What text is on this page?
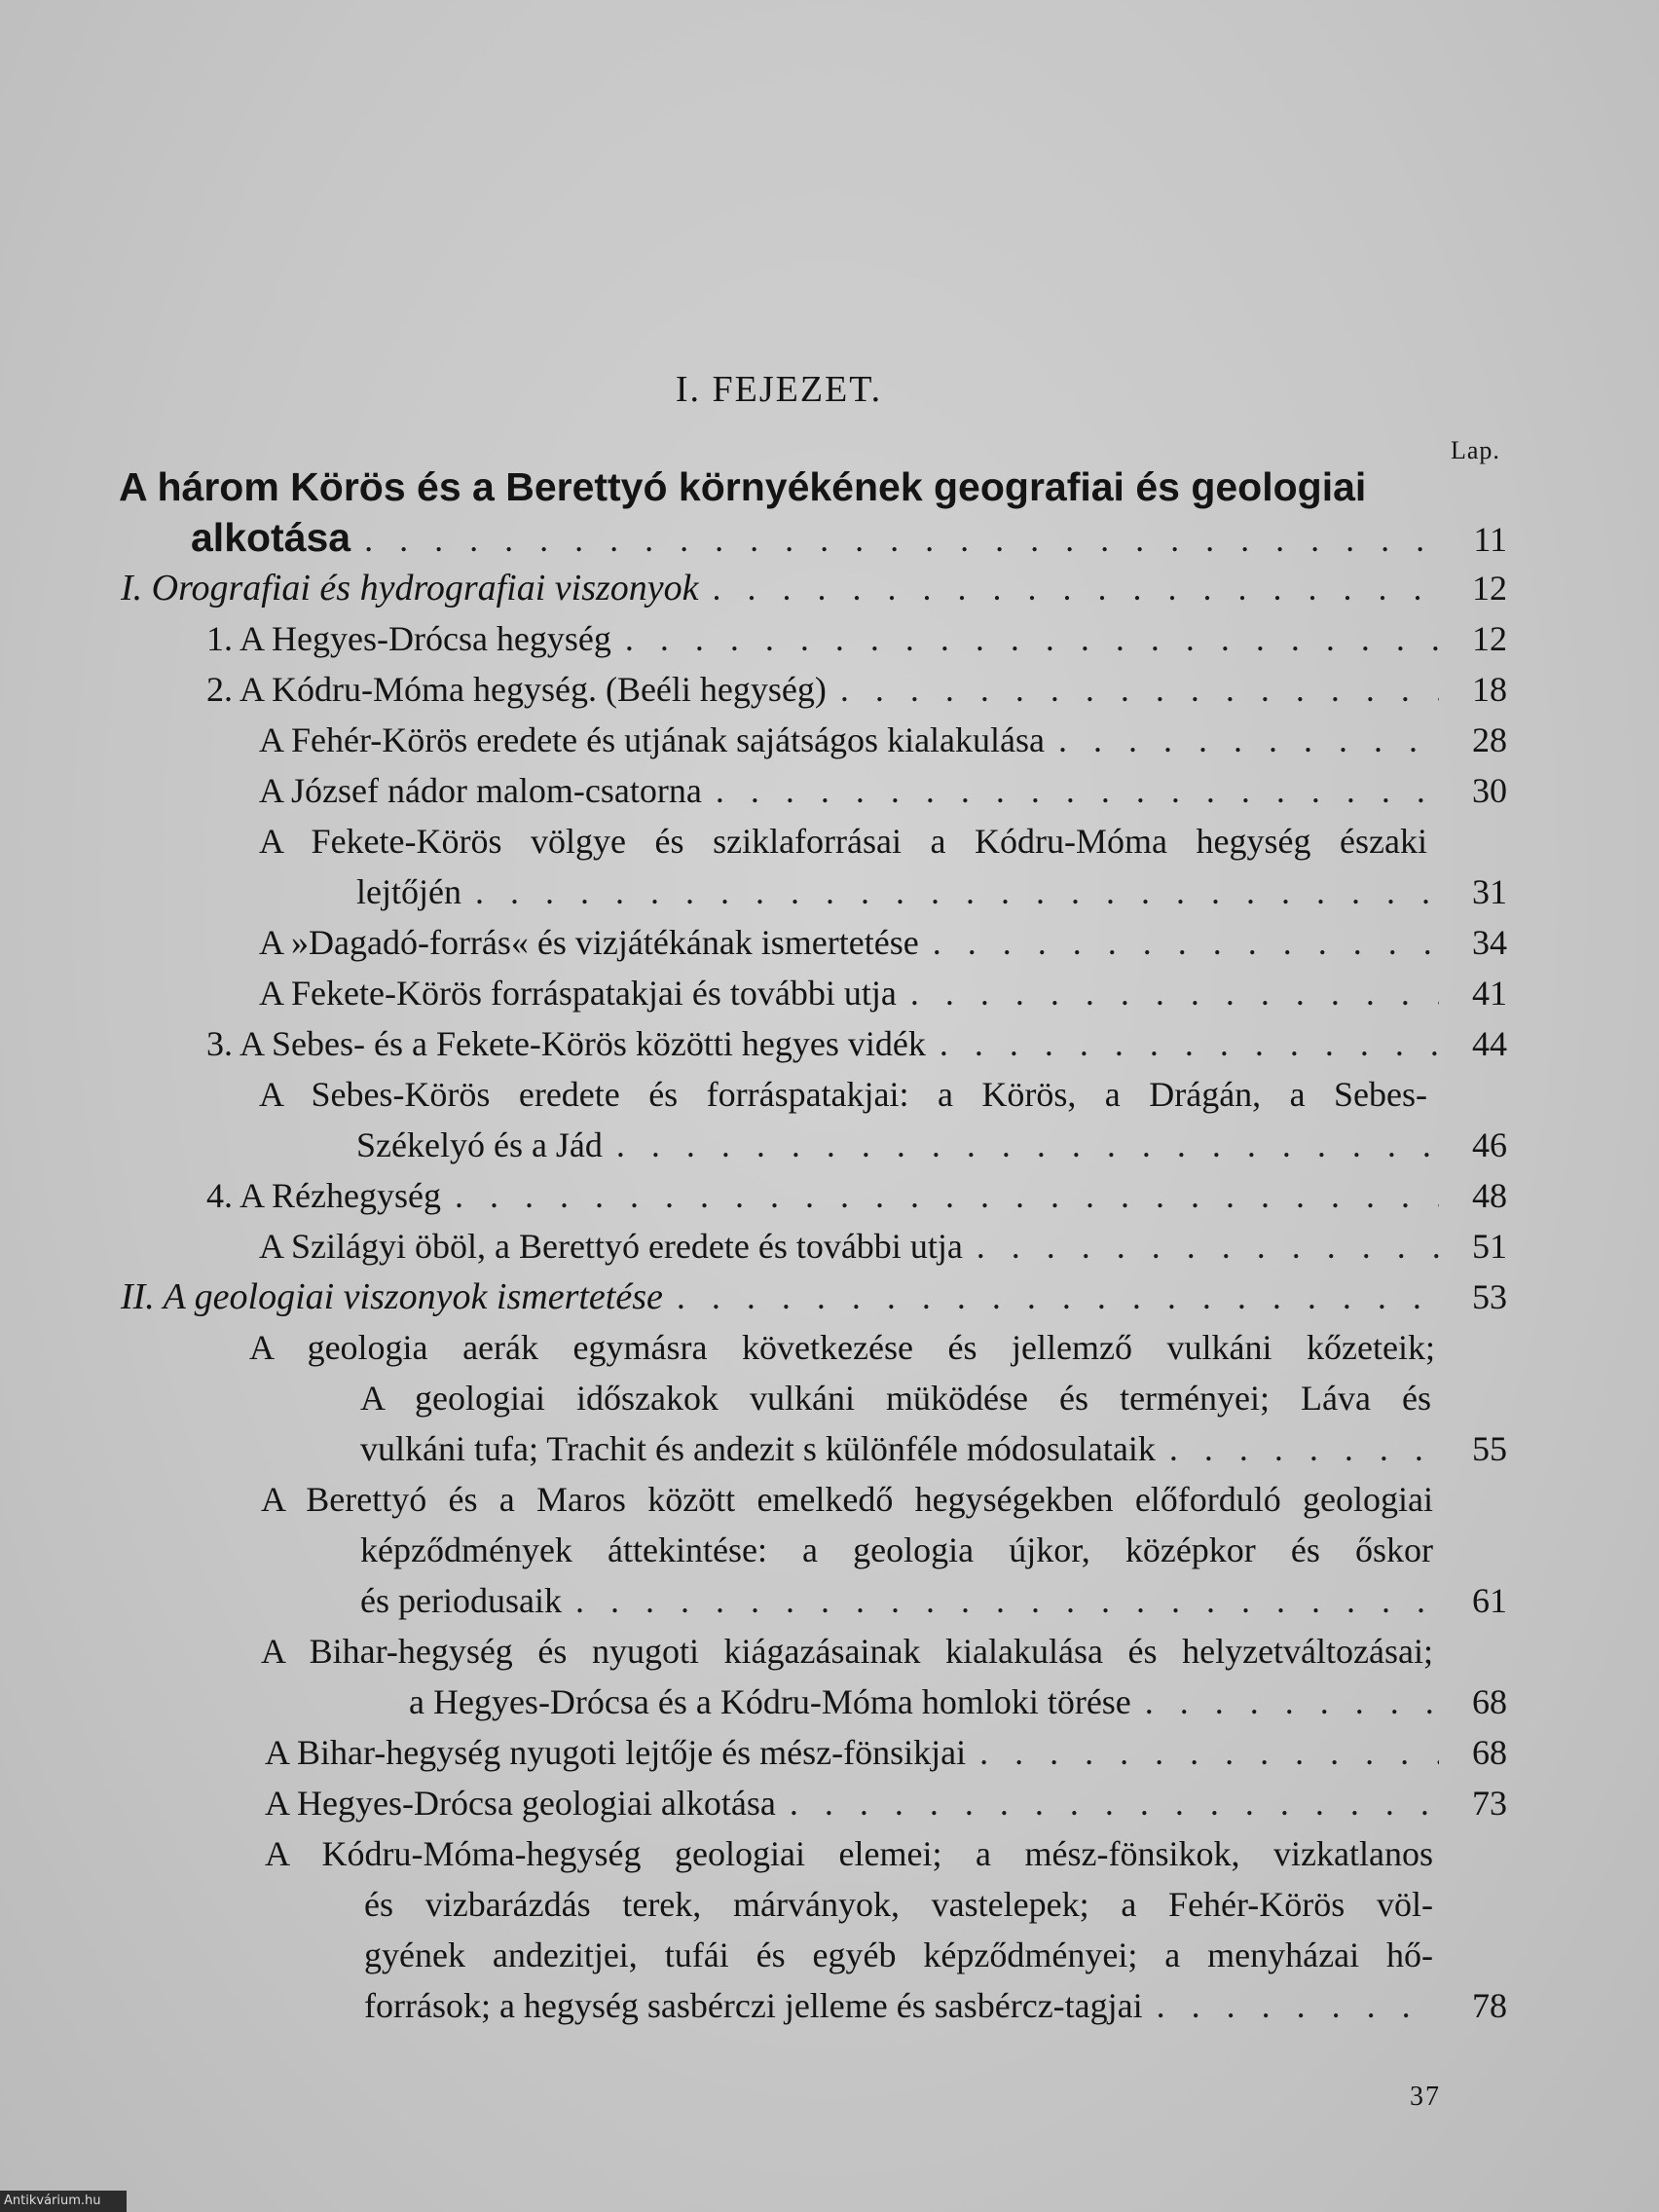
I. FEJEZET.
Lap.
A három Körös és a Berettyó környékének geografiai és geologiai
alkotása . . .	11
I. Orografiai és hydrografiai viszonyok . . .	12
1. A Hegyes-Drócsa hegység . . .	12
2. A Kódru-Móma hegység. (Beéli hegység) . . .	18
A Fehér-Körös eredete és utjának sajátságos kialakulása . . .	28
A József nádor malom-csatorna . . .	30
A Fekete-Körös völgye és sziklaforrásai a Kódru-Móma hegység északi
lejtőjén . . .	31
A »Dagadó-forrás« és vizjátékának ismertetése . . .	34
A Fekete-Körös forráspatakjai és további utja . . .	41
3. A Sebes- és a Fekete-Körös közötti hegyes vidék . . .	44
A Sebes-Körös eredete és forráspatakjai: a Körös, a Drágán, a Sebes-
Székelyó és a Jád . . .	46
4. A Rézhegység . . .	48
A Szilágyi öböl, a Berettyó eredete és további utja . . .	51
II. A geologiai viszonyok ismertetése . . .	53
A geologia aerák egymásra következése és jellemző vulkáni kőzeteik;
A geologiai időszakok vulkáni müködése és terményei; Láva és
vulkáni tufa; Trachit és andezit s különféle módosulataik . . .	55
A Berettyó és a Maros között emelkedő hegységekben előforduló geologiai
képződmények áttekintése: a geologia újkor, középkor és őskor
és periodusaik . . .	61
A Bihar-hegység és nyugoti kiágazásainak kialakulása és helyzetváltozásai;
a Hegyes-Drócsa és a Kódru-Móma homloki törése . . .	68
A Bihar-hegység nyugoti lejtője és mész-fönsikjai . . .	68
A Hegyes-Drócsa geologiai alkotása . . .	73
A Kódru-Móma-hegység geologiai elemei; a mész-fönsikok, vizkatlanos
és vizbarázdás terek, márványok, vastelepek; a Fehér-Körös völ-
gyének andezitjei, tufái és egyéb képződményei; a menyházai hő-
források; a hegység sasbérczi jelleme és sasbércz-tagjai . . .	78
37
Antikvárium.hu
